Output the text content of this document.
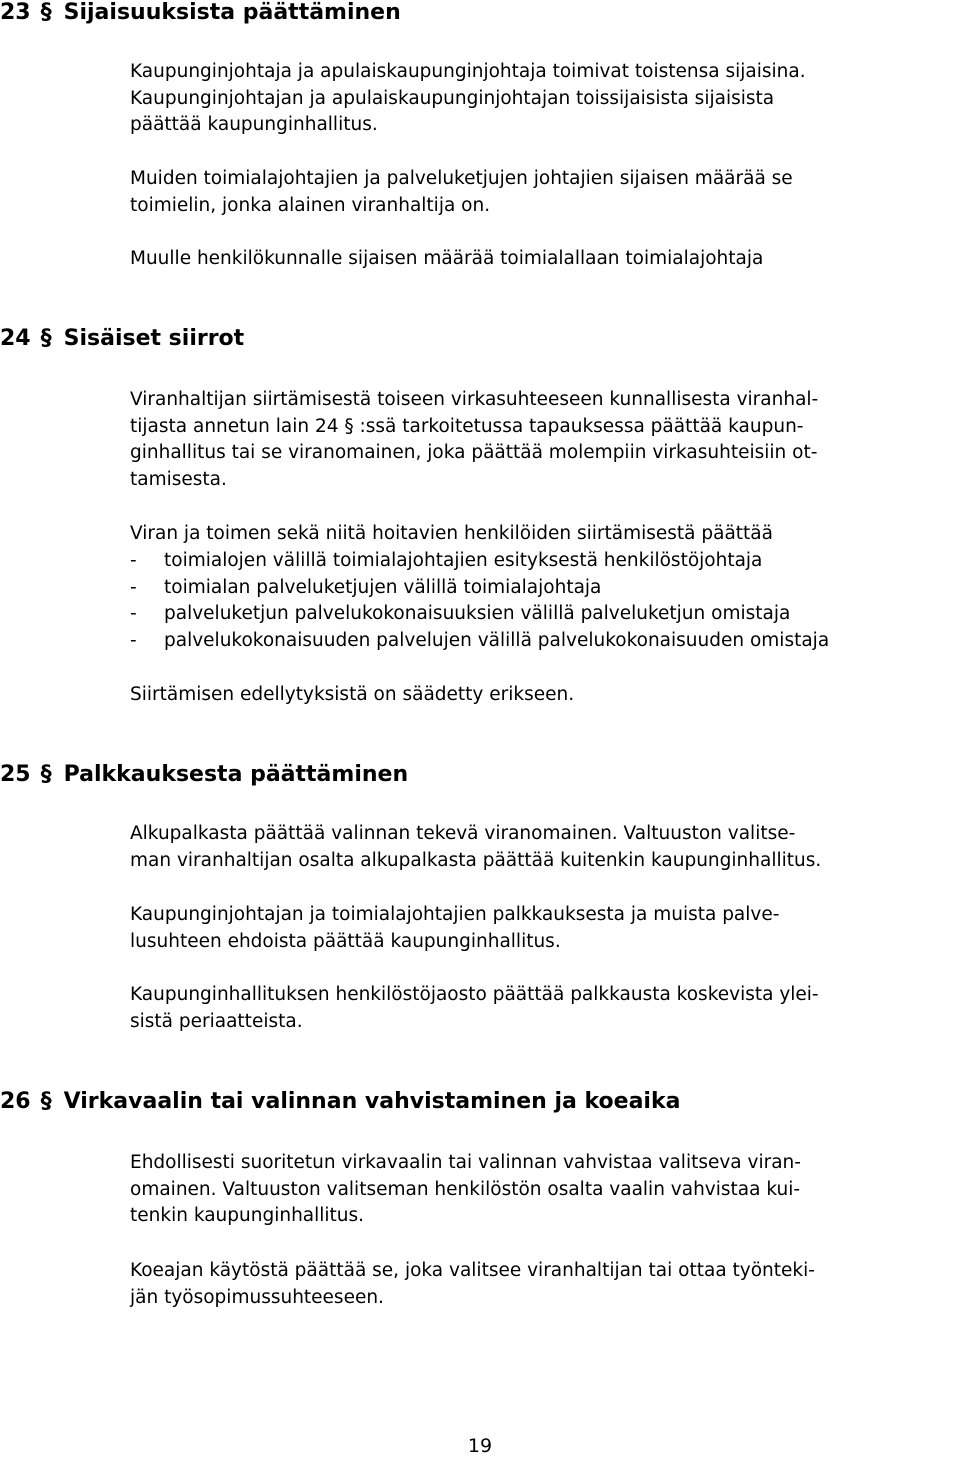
23 § Sijaisuuksista päättäminen

Kaupunginjohtaja ja apulaiskaupunginjohtaja toimivat toistensa sijaisina.
Kaupunginjohtajan ja apulaiskaupunginjohtajan toissijaisista sijaisista
päättää kaupunginhallitus.

Muiden toimialajohtajien ja palveluketjujen johtajien sijaisen määrää se
toimielin, jonka alainen viranhaltija on.

Muulle henkilökunnalle sijaisen määrää toimialallaan toimialajohtaja

24 § Sisäiset siirrot

Viranhaltijan siirtämisestä toiseen virkasuhteeseen kunnallisesta viranhal-
tijasta annetun lain 24 § :ssä tarkoitetussa tapauksessa päättää kaupun-
ginhallitus tai se viranomainen, joka päättää molempiin virkasuhteisiin ot-
tamisesta.

Viran ja toimen sekä niitä hoitavien henkilöiden siirtämisestä päättää

- toimialojen välillä toimialajohtajien esityksestä henkilöstöjohtaja
- toimialan palveluketjujen välillä toimialajohtaja
- palveluketjun palvelukokonaisuuksien välillä palveluketjun omistaja
- palvelukokonaisuuden palvelujen välillä palvelukokonaisuuden omistaja

Siirtämisen edellytyksistä on säädetty erikseen.

25 § Palkkauksesta päättäminen

Alkupalkasta päättää valinnan tekevä viranomainen. Valtuuston valitse-
man viranhaltijan osalta alkupalkasta päättää kuitenkin kaupunginhallitus.

Kaupunginjohtajan ja toimialajohtajien palkkauksesta ja muista palve-
lusuhteen ehdoista päättää kaupunginhallitus.

Kaupunginhallituksen henkilöstöjaosto päättää palkkausta koskevista ylei-
sistä periaatteista.

26 § Virkavaalin tai valinnan vahvistaminen ja koeaika

Ehdollisesti suoritetun virkavaalin tai valinnan vahvistaa valitseva viran-
omainen. Valtuuston valitseman henkilöstön osalta vaalin vahvistaa kui-
tenkin kaupunginhallitus.

Koeajan käytöstä päättää se, joka valitsee viranhaltijan tai ottaa työnteki-
jän työsopimussuhteeseen.

19
